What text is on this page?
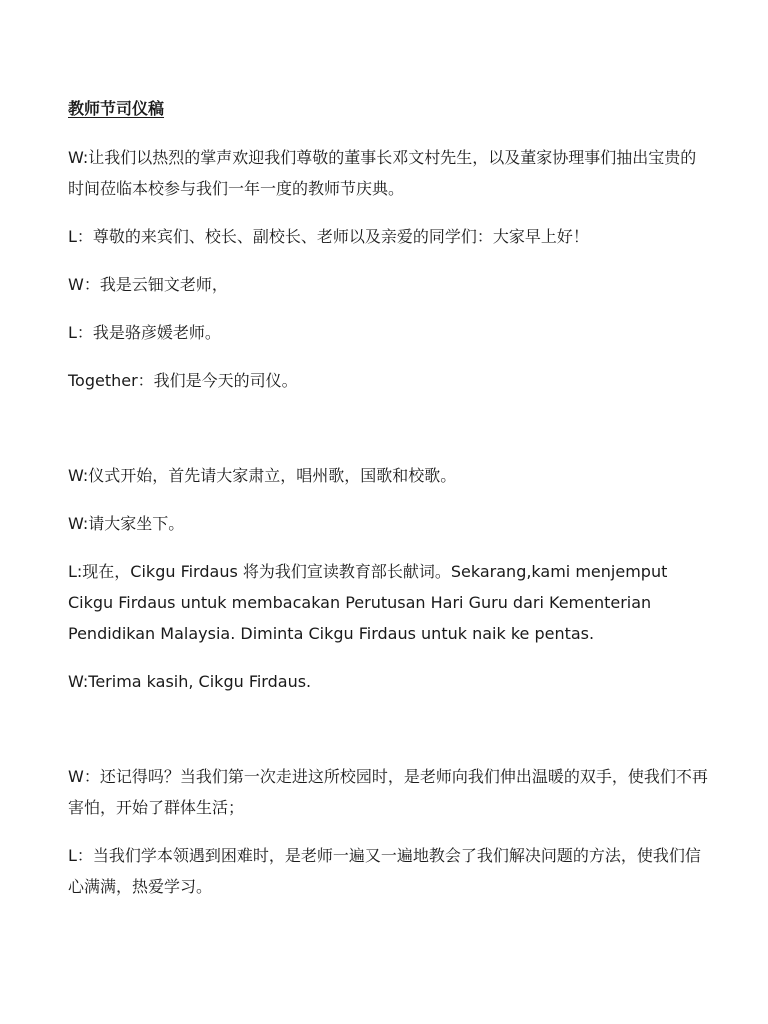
教师节司仪稿
W:让我们以热烈的掌声欢迎我们尊敬的董事长邓文村先生，以及董家协理事们抽出宝贵的时间莅临本校参与我们一年一度的教师节庆典。
L：尊敬的来宾们、校长、副校长、老师以及亲爱的同学们：大家早上好！
W：我是云钿文老师，
L：我是骆彦媛老师。
Together：我们是今天的司仪。
W:仪式开始，首先请大家肃立，唱州歌，国歌和校歌。
W:请大家坐下。
L:现在，Cikgu Firdaus 将为我们宣读教育部长献词。Sekarang,kami menjemput Cikgu Firdaus untuk membacakan Perutusan Hari Guru dari Kementerian Pendidikan Malaysia. Diminta Cikgu Firdaus untuk naik ke pentas.
W:Terima kasih, Cikgu Firdaus.
W：还记得吗？当我们第一次走进这所校园时，是老师向我们伸出温暖的双手，使我们不再害怕，开始了群体生活；
L：当我们学本领遇到困难时，是老师一遍又一遍地教会了我们解决问题的方法，使我们信心满满，热爱学习。
